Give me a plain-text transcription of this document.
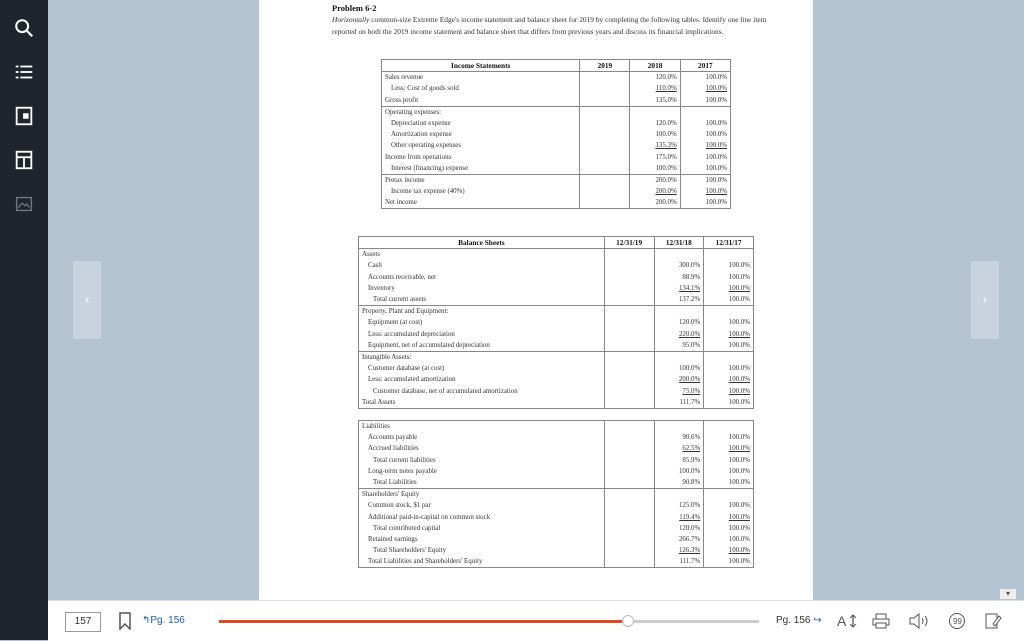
‹	›
Problem 6-2
Horizontally common-size Extreme Edge's income statement and balance sheet for 2019 by completing the following tables. Identify one line item reported on both the 2019 income statement and balance sheet that differs from previous years and discuss its financial implications.
Income Statements	2019	2018	2017
Sales revenue		120.0%	100.0%
Less: Cost of goods sold		110.0%	100.0%
Gross profit		135.0%	100.0%
Operating expenses:			
Depreciation expense		120.0%	100.0%
Amortization expense		100.0%	100.0%
Other operating expenses		135.3%	100.0%
Income from operations		175.0%	100.0%
Interest (financing) expense		100.0%	100.0%
Pretax income		200.0%	100.0%
Income tax expense (40%)		200.0%	100.0%
Net income		200.0%	100.0%
Balance Sheets	12/31/19	12/31/18	12/31/17
Assets			
Cash		300.0%	100.0%
Accounts receivable, net		88.9%	100.0%
Inventory		134.1%	100.0%
Total current assets		137.2%	100.0%
Property, Plant and Equipment:			
Equipment (at cost)		120.0%	100.0%
Less: accumulated depreciation		220.0%	100.0%
Equipment, net of accumulated depreciation		95.0%	100.0%
Intangible Assets:			
Customer database (at cost)		100.0%	100.0%
Less: accumulated amortization		200.0%	100.0%
Customer database, net of accumulated amortization		75.0%	100.0%
Total Assets		111.7%	100.0%

Liabilities			
Accounts payable		90.6%	100.0%
Accrued liabilities		62.5%	100.0%
Total current liabilities		85.9%	100.0%
Long-term notes payable		100.0%	100.0%
Total Liabilities		90.8%	100.0%
Shareholders' Equity			
Common stock, $1 par		125.0%	100.0%
Additional paid-in-capital on common stock		119.4%	100.0%
Total contributed capital		120.0%	100.0%
Retained earnings		266.7%	100.0%
Total Shareholders' Equity		126.3%	100.0%
Total Liabilities and Shareholders' Equity		111.7%	100.0%
▾
157	↰Pg. 156	Pg. 156 ↪ A	99
